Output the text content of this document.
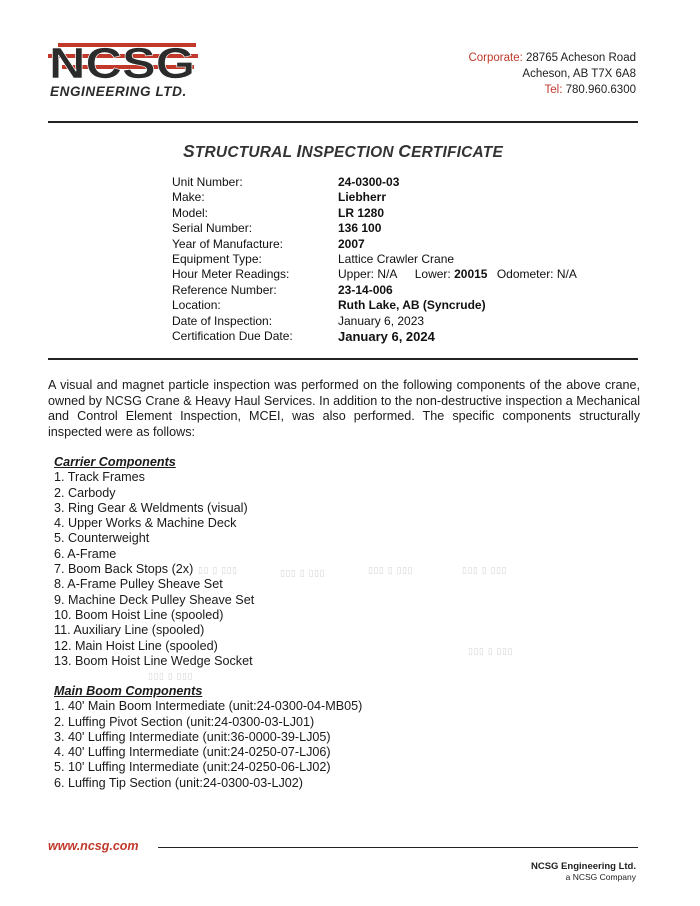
NCSG
ENGINEERING LTD.
Corporate: 28765 Acheson Road
Acheson, AB T7X 6A8
Tel: 780.960.6300
STRUCTURAL INSPECTION CERTIFICATE
Unit Number:	24-0300-03
Make:	Liebherr
Model:	LR 1280
Serial Number:	136 100
Year of Manufacture:	2007
Equipment Type:	Lattice Crawler Crane
Hour Meter Readings:	Upper: N/A Lower: 20015 Odometer: N/A
Reference Number:	23-14-006
Location:	Ruth Lake, AB (Syncrude)
Date of Inspection:	January 6, 2023
Certification Due Date:	January 6, 2024
A visual and magnet particle inspection was performed on the following components of the above crane, owned by NCSG Crane & Heavy Haul Services. In addition to the non-destructive inspection a Mechanical and Control Element Inspection, MCEI, was also performed. The specific components structurally inspected were as follows:
Carrier Components
1. Track Frames
2. Carbody
3. Ring Gear & Weldments (visual)
4. Upper Works & Machine Deck
5. Counterweight
6. A-Frame
7. Boom Back Stops (2x)
8. A-Frame Pulley Sheave Set
9. Machine Deck Pulley Sheave Set
10. Boom Hoist Line (spooled)
11. Auxiliary Line (spooled)
12. Main Hoist Line (spooled)
13. Boom Hoist Line Wedge Socket
▯▯ ▯ ▯▯▯	▯▯▯ ▯ ▯▯▯	▯▯▯ ▯ ▯▯▯	▯▯▯ ▯ ▯▯▯
▯▯▯ ▯ ▯▯▯
▯▯▯ ▯ ▯▯▯
Main Boom Components
1. 40' Main Boom Intermediate (unit:24-0300-04-MB05)
2. Luffing Pivot Section (unit:24-0300-03-LJ01)
3. 40' Luffing Intermediate (unit:36-0000-39-LJ05)
4. 40' Luffing Intermediate (unit:24-0250-07-LJ06)
5. 10' Luffing Intermediate (unit:24-0250-06-LJ02)
6. Luffing Tip Section (unit:24-0300-03-LJ02)
www.ncsg.com
NCSG Engineering Ltd.
a NCSG Company
